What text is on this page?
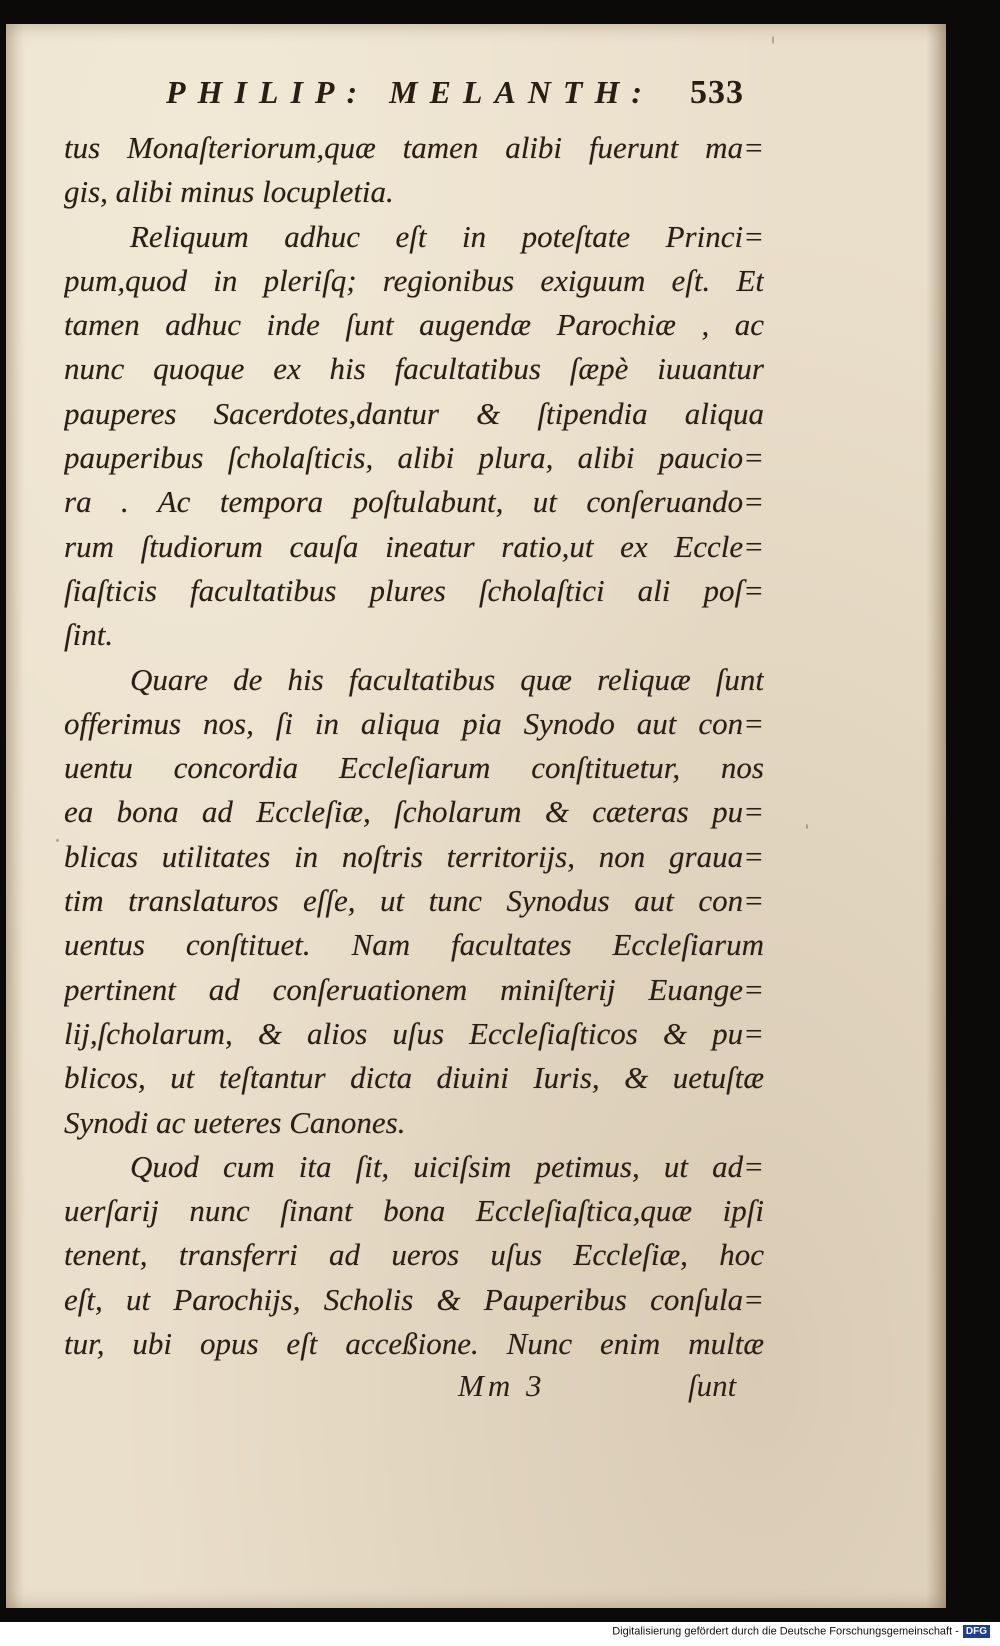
PHILIP: MELANTH: 533
tus Monaſteriorum,quæ tamen alibi fuerunt ma=
gis, alibi minus locupletia.
Reliquum adhuc eſt in poteſtate Princi=
pum,quod in pleriſq; regionibus exiguum eſt. Et
tamen adhuc inde ſunt augendæ Parochiæ , ac
nunc quoque ex his facultatibus ſæpè iuuantur
pauperes Sacerdotes,dantur & ſtipendia aliqua
pauperibus ſcholaſticis, alibi plura, alibi paucio=
ra . Ac tempora poſtulabunt, ut conſeruando=
rum ſtudiorum cauſa ineatur ratio,ut ex Eccle=
ſiaſticis facultatibus plures ſcholaſtici ali poſ=
ſint.
Quare de his facultatibus quæ reliquæ ſunt
offerimus nos, ſi in aliqua pia Synodo aut con=
uentu concordia Eccleſiarum conſtituetur, nos
ea bona ad Eccleſiæ, ſcholarum & cæteras pu=
blicas utilitates in noſtris territorijs, non graua=
tim translaturos eſſe, ut tunc Synodus aut con=
uentus conſtituet. Nam facultates Eccleſiarum
pertinent ad conſeruationem miniſterij Euange=
lij,ſcholarum, & alios uſus Eccleſiaſticos & pu=
blicos, ut teſtantur dicta diuini Iuris, & uetuſtæ
Synodi ac ueteres Canones.
Quod cum ita ſit, uiciſsim petimus, ut ad=
uerſarij nunc ſinant bona Eccleſiaſtica,quæ ipſi
tenent, transferri ad ueros uſus Eccleſiæ, hoc
eſt, ut Parochijs, Scholis & Pauperibus conſula=
tur, ubi opus eſt acceßione. Nunc enim multæ
Mm 3	ſunt
Digitalisierung gefördert durch die Deutsche Forschungsgemeinschaft - DFG
